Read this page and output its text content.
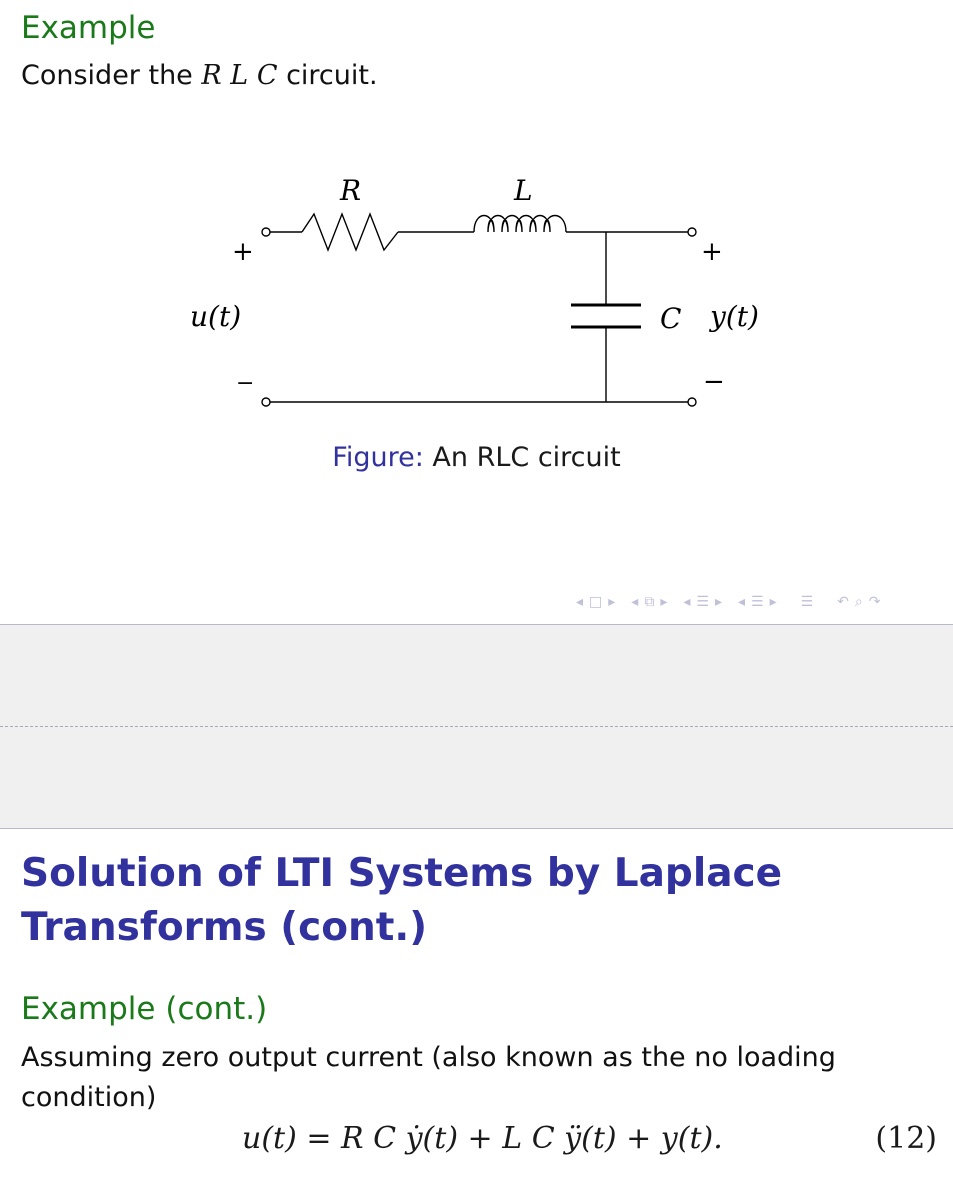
Example
Consider the R L C circuit.
R	L
C
u(t)	y(t)
+
−
+
−
Figure: An RLC circuit
◂ □ ▸ ◂ ⧉ ▸ ◂ ☰ ▸ ◂ ☰ ▸ ☰ ↶ ⌕ ↷
Solution of LTI Systems by Laplace
Transforms (cont.)
Example (cont.)
Assuming zero output current (also known as the no loading
condition)
u(t) = R C ẏ(t) + L C ÿ(t) + y(t).	(12)
